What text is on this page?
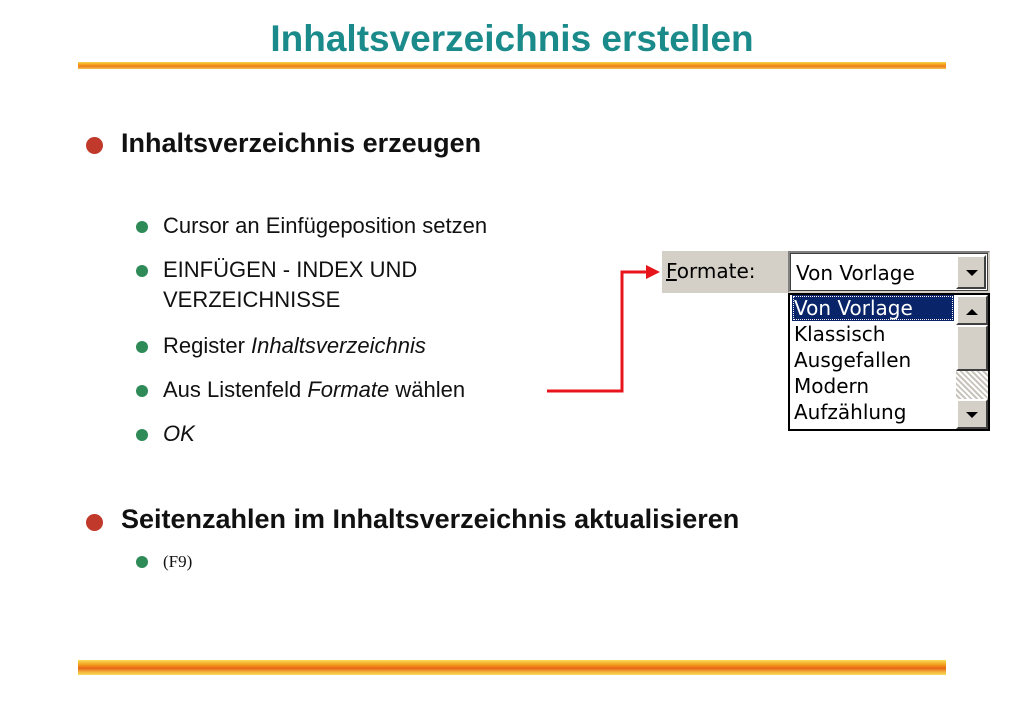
Inhaltsverzeichnis erstellen
Inhaltsverzeichnis erzeugen
Cursor an Einfügeposition setzen
EINFÜGEN - INDEX UND
VERZEICHNISSE
Register Inhaltsverzeichnis
Aus Listenfeld Formate wählen
OK
Seitenzahlen im Inhaltsverzeichnis aktualisieren
(F9)
Formate: Von Vorlage
Von Vorlage
Klassisch
Ausgefallen
Modern
Aufzählung
